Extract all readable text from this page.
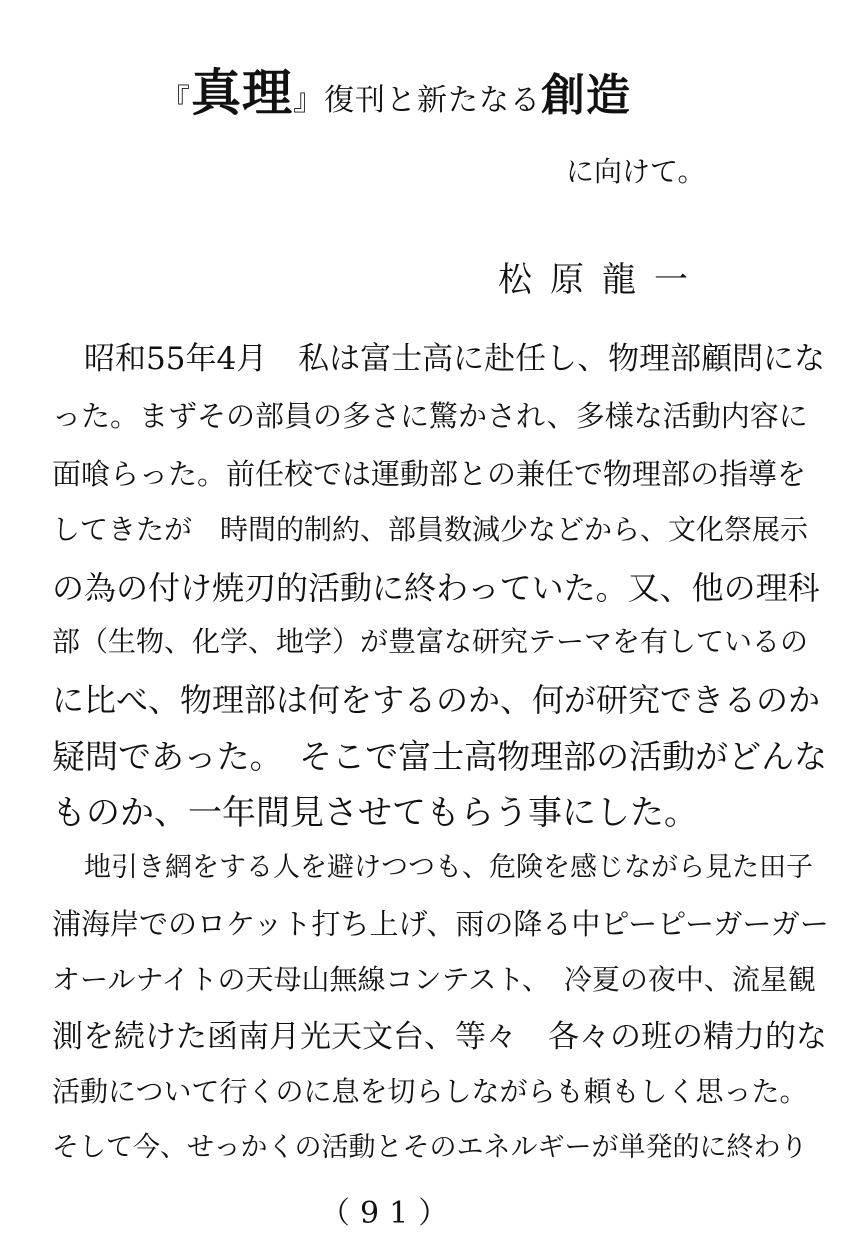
『真理』復刊と新たなる創造
に向けて。
松原龍一
昭和55年4月　私は富士高に赴任し、物理部顧問にな
った。まずその部員の多さに驚かされ、多様な活動内容に
面喰らった。前任校では運動部との兼任で物理部の指導を
してきたが　時間的制約、部員数減少などから、文化祭展示
の為の付け焼刃的活動に終わっていた。又、他の理科
部（生物、化学、地学）が豊富な研究テーマを有しているの
に比べ、物理部は何をするのか、何が研究できるのか
疑問であった。　そこで富士高物理部の活動がどんな
ものか、一年間見させてもらう事にした。
地引き網をする人を避けつつも、危険を感じながら見た田子
浦海岸でのロケット打ち上げ、雨の降る中ピーピーガーガー
オールナイトの天母山無線コンテスト、　冷夏の夜中、流星観
測を続けた函南月光天文台、等々　各々の班の精力的な
活動について行くのに息を切らしながらも頼もしく思った。
そして今、せっかくの活動とそのエネルギーが単発的に終わり
（91）
